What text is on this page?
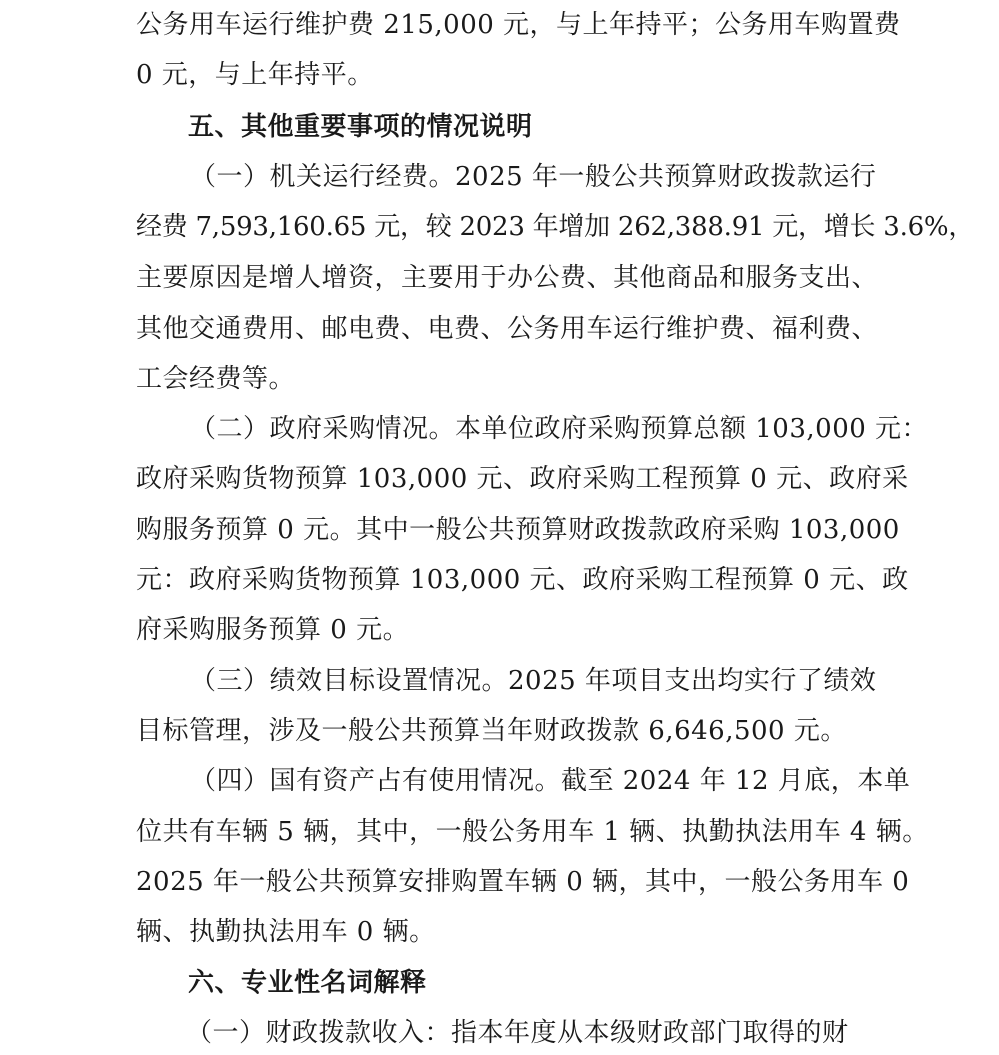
公务用车运行维护费 215,000 元，与上年持平；公务用车购置费
0 元，与上年持平。
五、其他重要事项的情况说明
（一）机关运行经费。2025 年一般公共预算财政拨款运行
经费 7,593,160.65 元，较 2023 年增加 262,388.91 元，增长 3.6%，
主要原因是增人增资，主要用于办公费、其他商品和服务支出、
其他交通费用、邮电费、电费、公务用车运行维护费、福利费、
工会经费等。
（二）政府采购情况。本单位政府采购预算总额 103,000 元：
政府采购货物预算 103,000 元、政府采购工程预算 0 元、政府采
购服务预算 0 元。其中一般公共预算财政拨款政府采购 103,000
元：政府采购货物预算 103,000 元、政府采购工程预算 0 元、政
府采购服务预算 0 元。
（三）绩效目标设置情况。2025 年项目支出均实行了绩效
目标管理，涉及一般公共预算当年财政拨款 6,646,500 元。
（四）国有资产占有使用情况。截至 2024 年 12 月底，本单
位共有车辆 5 辆，其中，一般公务用车 1 辆、执勤执法用车 4 辆。
2025 年一般公共预算安排购置车辆 0 辆，其中，一般公务用车 0
辆、执勤执法用车 0 辆。
六、专业性名词解释
（一）财政拨款收入：指本年度从本级财政部门取得的财
